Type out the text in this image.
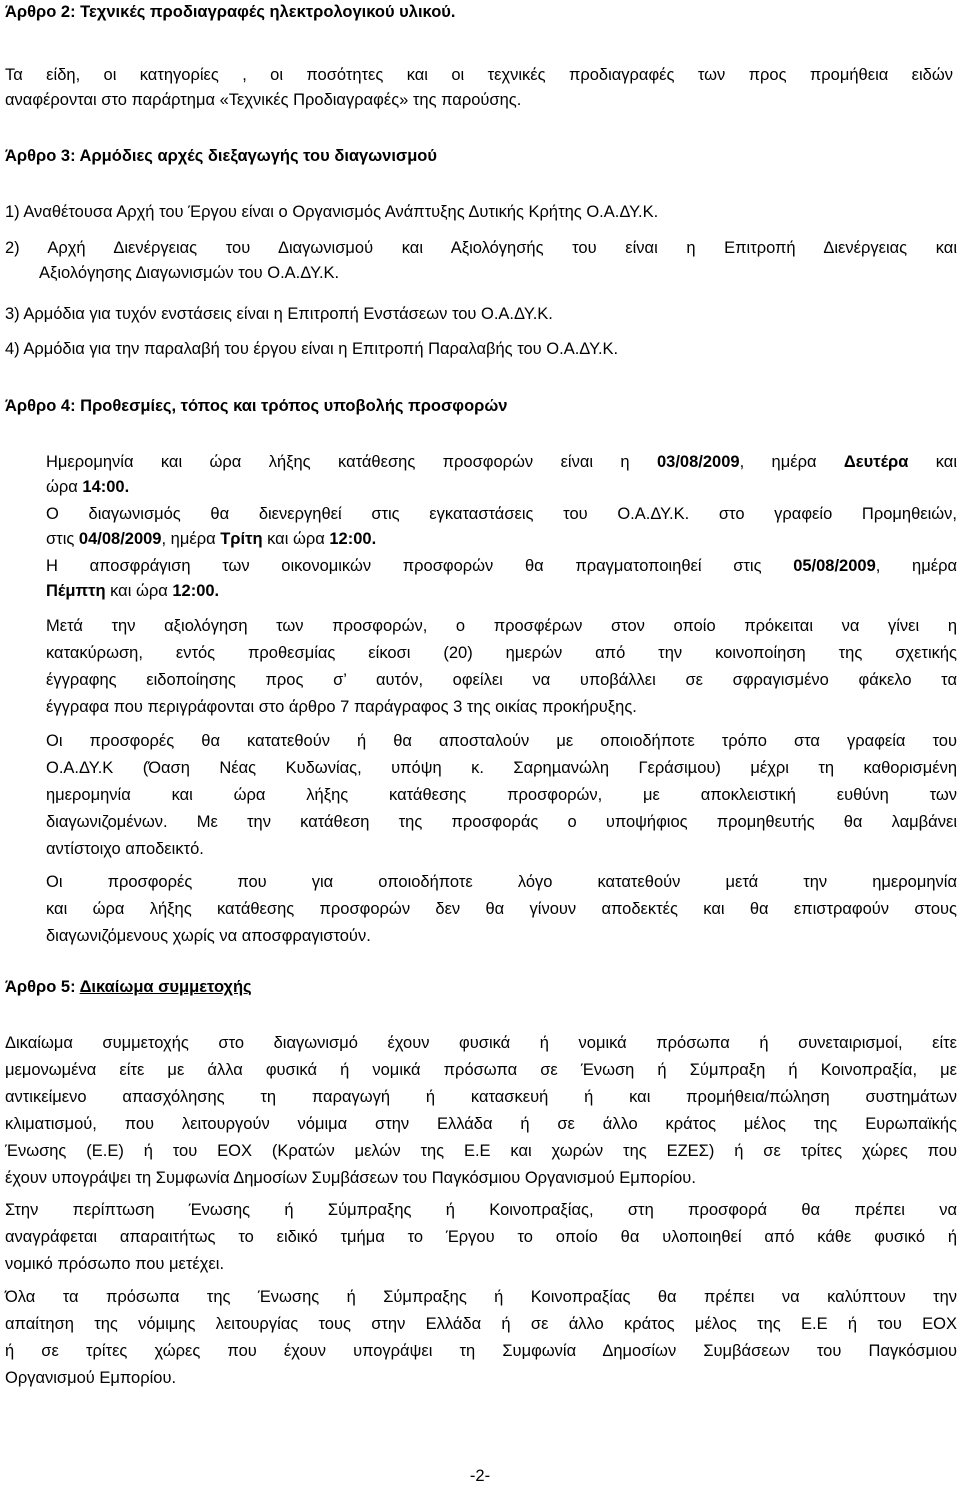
Άρθρο 2: Τεχνικές προδιαγραφές ηλεκτρολογικού υλικού.
Τα είδη, οι κατηγορίες , οι ποσότητες και οι τεχνικές προδιαγραφές των προς προμήθεια ειδών
αναφέρονται στο παράρτημα «Τεχνικές Προδιαγραφές» της παρούσης.
Άρθρο 3: Αρμόδιες αρχές διεξαγωγής του διαγωνισμού
1) Αναθέτουσα Αρχή του Έργου είναι ο Οργανισμός Ανάπτυξης Δυτικής Κρήτης Ο.Α.ΔΥ.Κ.
2) Αρχή Διενέργειας του Διαγωνισμού και Αξιολόγησής του είναι η Επιτροπή Διενέργειας και
Αξιολόγησης Διαγωνισμών του Ο.Α.ΔΥ.Κ.
3) Αρμόδια για τυχόν ενστάσεις είναι η Επιτροπή Ενστάσεων του Ο.Α.ΔΥ.Κ.
4) Αρμόδια για την παραλαβή του έργου είναι η Επιτροπή Παραλαβής του Ο.Α.ΔΥ.Κ.
Άρθρο 4: Προθεσμίες, τόπος και τρόπος υποβολής προσφορών
Ημερομηνία και ώρα λήξης κατάθεσης προσφορών είναι η 03/08/2009, ημέρα Δευτέρα και
ώρα 14:00.
Ο διαγωνισμός θα διενεργηθεί στις εγκαταστάσεις του Ο.Α.ΔΥ.Κ. στο γραφείο Προμηθειών,
στις 04/08/2009, ημέρα Τρίτη και ώρα 12:00.
Η αποσφράγιση των οικονομικών προσφορών θα πραγματοποιηθεί στις 05/08/2009, ημέρα
Πέμπτη και ώρα 12:00.
Μετά την αξιολόγηση των προσφορών, ο προσφέρων στον οποίο πρόκειται να γίνει η
κατακύρωση, εντός προθεσμίας είκοσι (20) ημερών από την κοινοποίηση της σχετικής
έγγραφης ειδοποίησης προς σ’ αυτόν, οφείλει να υποβάλλει σε σφραγισμένο φάκελο τα
έγγραφα που περιγράφονται στο άρθρο 7 παράγραφος 3 της οικίας προκήρυξης.
Οι προσφορές θα κατατεθούν ή θα αποσταλούν με οποιοδήποτε τρόπο στα γραφεία του
Ο.Α.ΔΥ.Κ (Όαση Νέας Κυδωνίας, υπόψη κ. Σαρηµανώλη Γεράσιµου) μέχρι τη καθορισμένη
ημερομηνία και ώρα λήξης κατάθεσης προσφορών, με αποκλειστική ευθύνη των
διαγωνιζομένων. Με την κατάθεση της προσφοράς ο υποψήφιος προμηθευτής θα λαμβάνει
αντίστοιχο αποδεικτό.
Οι προσφορές που για οποιοδήποτε λόγο κατατεθούν μετά την ημερομηνία
και ώρα λήξης κατάθεσης προσφορών δεν θα γίνουν αποδεκτές και θα επιστραφούν στους
διαγωνιζόμενους χωρίς να αποσφραγιστούν.
Άρθρο 5: Δικαίωμα συμμετοχής
Δικαίωμα συμμετοχής στο διαγωνισμό έχουν φυσικά ή νομικά πρόσωπα ή συνεταιρισμοί, είτε
μεμονωμένα είτε με άλλα φυσικά ή νομικά πρόσωπα σε Ένωση ή Σύμπραξη ή Κοινοπραξία, με
αντικείμενο απασχόλησης τη παραγωγή ή κατασκευή ή και προμήθεια/πώληση συστημάτων
κλιματισμού, που λειτουργούν νόμιμα στην Ελλάδα ή σε άλλο κράτος μέλος της Ευρωπαϊκής
Ένωσης (Ε.Ε) ή του ΕΟΧ (Κρατών μελών της Ε.Ε και χωρών της ΕΖΕΣ) ή σε τρίτες χώρες που
έχουν υπογράψει τη Συμφωνία Δημοσίων Συμβάσεων του Παγκόσμιου Οργανισμού Εμπορίου.
Στην περίπτωση Ένωσης ή Σύμπραξης ή Κοινοπραξίας, στη προσφορά θα πρέπει να
αναγράφεται απαραιτήτως το ειδικό τμήμα το Έργου το οποίο θα υλοποιηθεί από κάθε φυσικό ή
νομικό πρόσωπο που μετέχει.
Όλα τα πρόσωπα της Ένωσης ή Σύμπραξης ή Κοινοπραξίας θα πρέπει να καλύπτουν την
απαίτηση της νόμιμης λειτουργίας τους στην Ελλάδα ή σε άλλο κράτος μέλος της Ε.Ε ή του ΕΟΧ
ή σε τρίτες χώρες που έχουν υπογράψει τη Συμφωνία Δημοσίων Συμβάσεων του Παγκόσμιου
Οργανισμού Εμπορίου.
-2-
